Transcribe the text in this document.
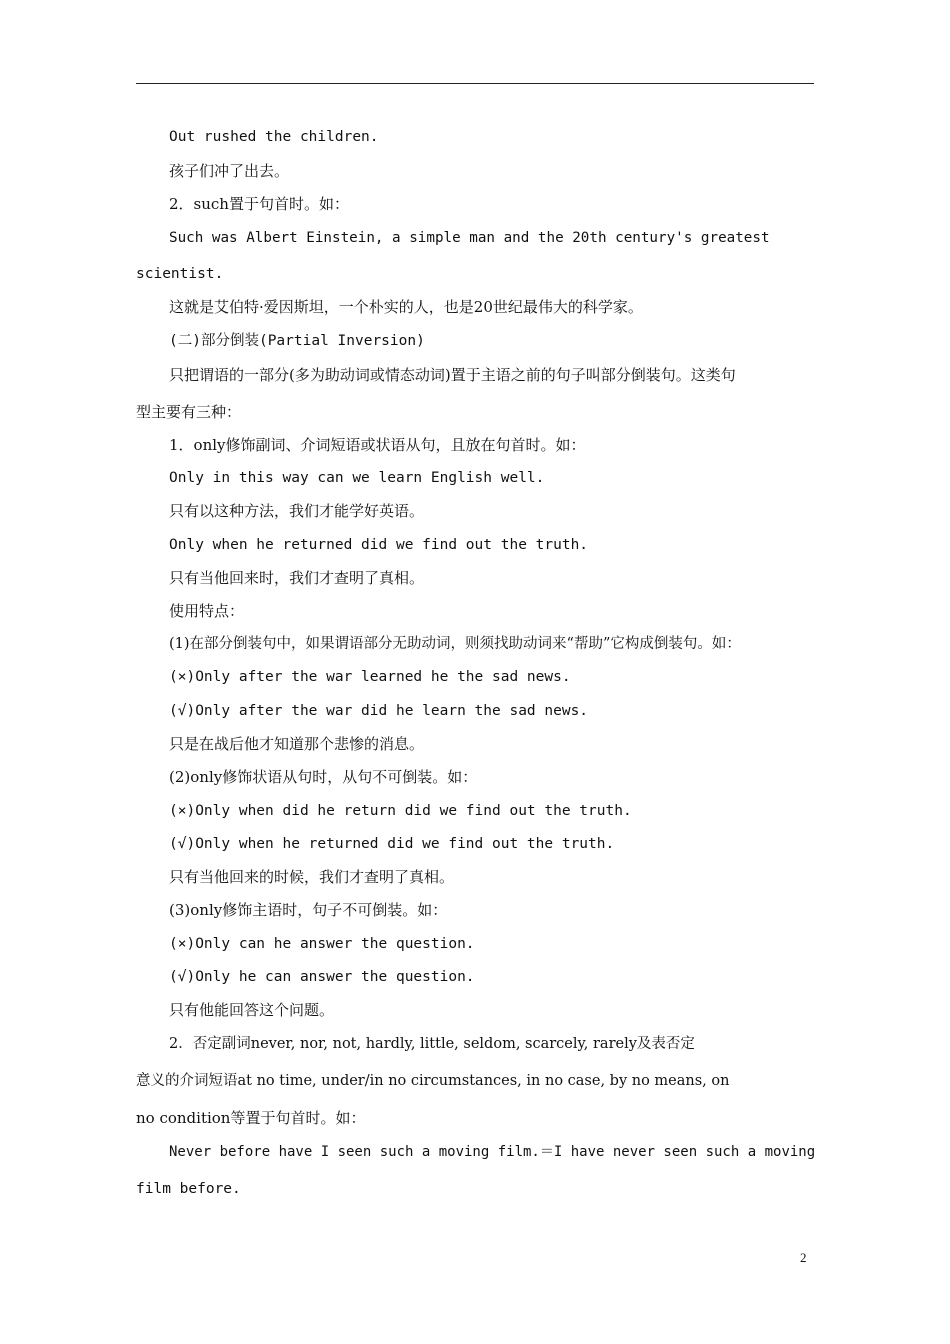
Out rushed the children.
孩子们冲了出去。
2．such置于句首时。如：
Such was Albert Einstein, a simple man and the 20th century's greatest
scientist.
这就是艾伯特·爱因斯坦，一个朴实的人，也是20世纪最伟大的科学家。
(二)部分倒装(Partial Inversion)
只把谓语的一部分(多为助动词或情态动词)置于主语之前的句子叫部分倒装句。这类句
型主要有三种：
1．only修饰副词、介词短语或状语从句，且放在句首时。如：
Only in this way can we learn English well.
只有以这种方法，我们才能学好英语。
Only when he returned did we find out the truth.
只有当他回来时，我们才查明了真相。
使用特点：
(1)在部分倒装句中，如果谓语部分无助动词，则须找助动词来“帮助”它构成倒装句。如：
(×)Only after the war learned he the sad news.
(√)Only after the war did he learn the sad news.
只是在战后他才知道那个悲惨的消息。
(2)only修饰状语从句时，从句不可倒装。如：
(×)Only when did he return did we find out the truth.
(√)Only when he returned did we find out the truth.
只有当他回来的时候，我们才查明了真相。
(3)only修饰主语时，句子不可倒装。如：
(×)Only can he answer the question.
(√)Only he can answer the question.
只有他能回答这个问题。
2．否定副词never, nor, not, hardly, little, seldom, scarcely, rarely及表否定
意义的介词短语at no time, under/in no circumstances, in no case, by no means, on
no condition等置于句首时。如：
Never before have I seen such a moving film.＝I have never seen such a moving
film before.
2
